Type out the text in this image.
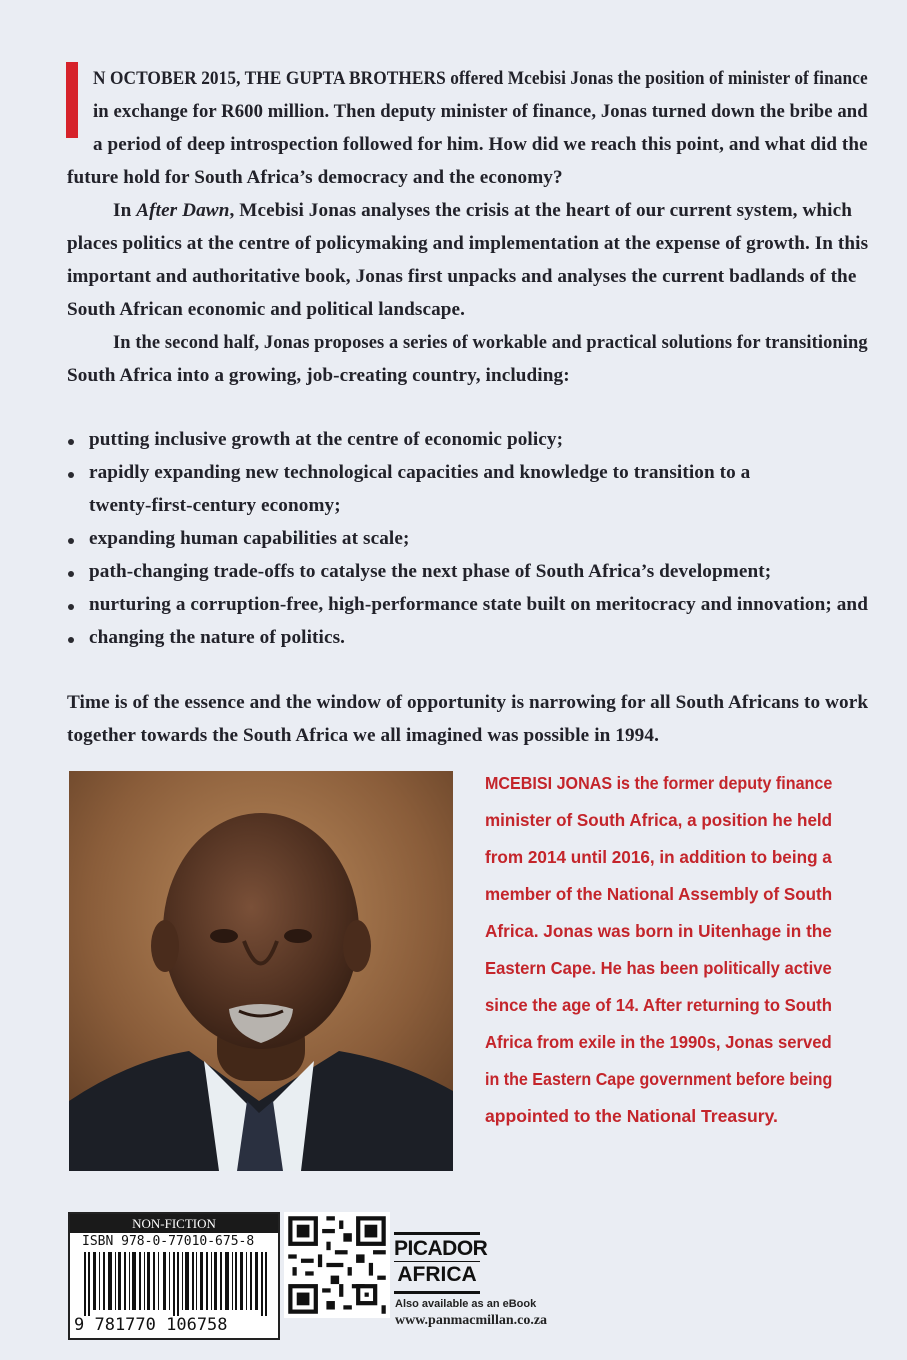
N OCTOBER 2015, THE GUPTA BROTHERS offered Mcebisi Jonas the position of minister of finance
in exchange for R600 million. Then deputy minister of finance, Jonas turned down the bribe and
a period of deep introspection followed for him. How did we reach this point, and what did the
future hold for South Africa’s democracy and the economy?
In After Dawn, Mcebisi Jonas analyses the crisis at the heart of our current system, which
places politics at the centre of policymaking and implementation at the expense of growth. In this
important and authoritative book, Jonas first unpacks and analyses the current badlands of the
South African economic and political landscape.
In the second half, Jonas proposes a series of workable and practical solutions for transitioning
South Africa into a growing, job-creating country, including:
putting inclusive growth at the centre of economic policy;
rapidly expanding new technological capacities and knowledge to transition to a
twenty-first-century economy;
expanding human capabilities at scale;
path-changing trade-offs to catalyse the next phase of South Africa’s development;
nurturing a corruption-free, high-performance state built on meritocracy and innovation; and
changing the nature of politics.
Time is of the essence and the window of opportunity is narrowing for all South Africans to work
together towards the South Africa we all imagined was possible in 1994.
MCEBISI JONAS is the former deputy finance
minister of South Africa, a position he held
from 2014 until 2016, in addition to being a
member of the National Assembly of South
Africa. Jonas was born in Uitenhage in the
Eastern Cape. He has been politically active
since the age of 14. After returning to South
Africa from exile in the 1990s, Jonas served
in the Eastern Cape government before being
appointed to the National Treasury.
NON-FICTION
ISBN 978-0-77010-675-8
9 781770 106758
PICADOR
AFRICA
Also available as an eBook
www.panmacmillan.co.za
